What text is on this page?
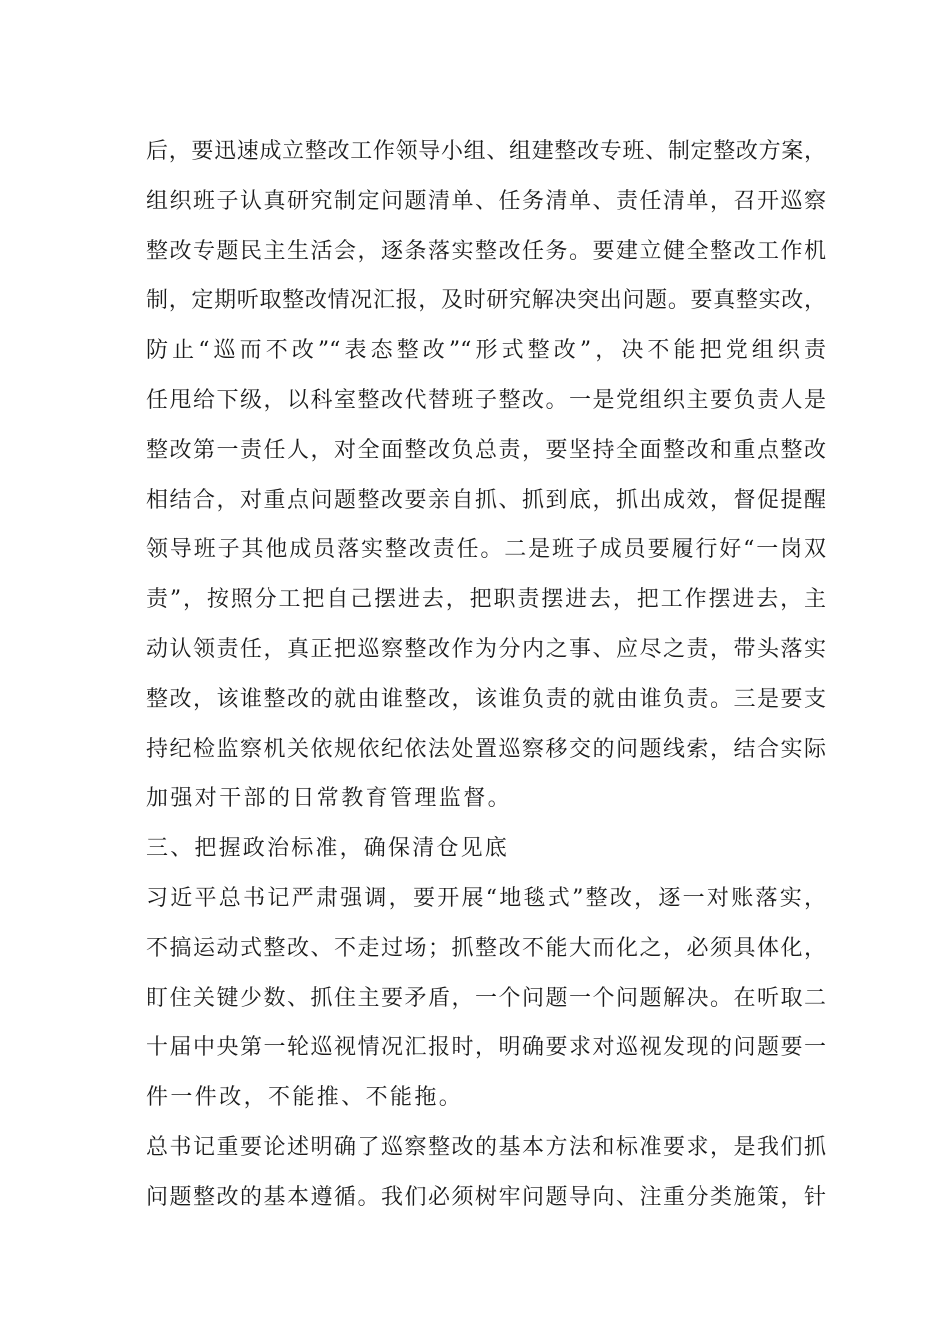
后，要迅速成立整改工作领导小组、组建整改专班、制定整改方案，
组织班子认真研究制定问题清单、任务清单、责任清单，召开巡察
整改专题民主生活会，逐条落实整改任务。要建立健全整改工作机
制，定期听取整改情况汇报，及时研究解决突出问题。要真整实改，
防止“巡而不改”“表态整改”“形式整改”，决不能把党组织责
任甩给下级，以科室整改代替班子整改。一是党组织主要负责人是
整改第一责任人，对全面整改负总责，要坚持全面整改和重点整改
相结合，对重点问题整改要亲自抓、抓到底，抓出成效，督促提醒
领导班子其他成员落实整改责任。二是班子成员要履行好“一岗双
责”，按照分工把自己摆进去，把职责摆进去，把工作摆进去，主
动认领责任，真正把巡察整改作为分内之事、应尽之责，带头落实
整改，该谁整改的就由谁整改，该谁负责的就由谁负责。三是要支
持纪检监察机关依规依纪依法处置巡察移交的问题线索，结合实际
加强对干部的日常教育管理监督。
三、把握政治标准，确保清仓见底
习近平总书记严肃强调，要开展“地毯式”整改，逐一对账落实，
不搞运动式整改、不走过场；抓整改不能大而化之，必须具体化，
盯住关键少数、抓住主要矛盾，一个问题一个问题解决。在听取二
十届中央第一轮巡视情况汇报时，明确要求对巡视发现的问题要一
件一件改，不能推、不能拖。
总书记重要论述明确了巡察整改的基本方法和标准要求，是我们抓
问题整改的基本遵循。我们必须树牢问题导向、注重分类施策，针
